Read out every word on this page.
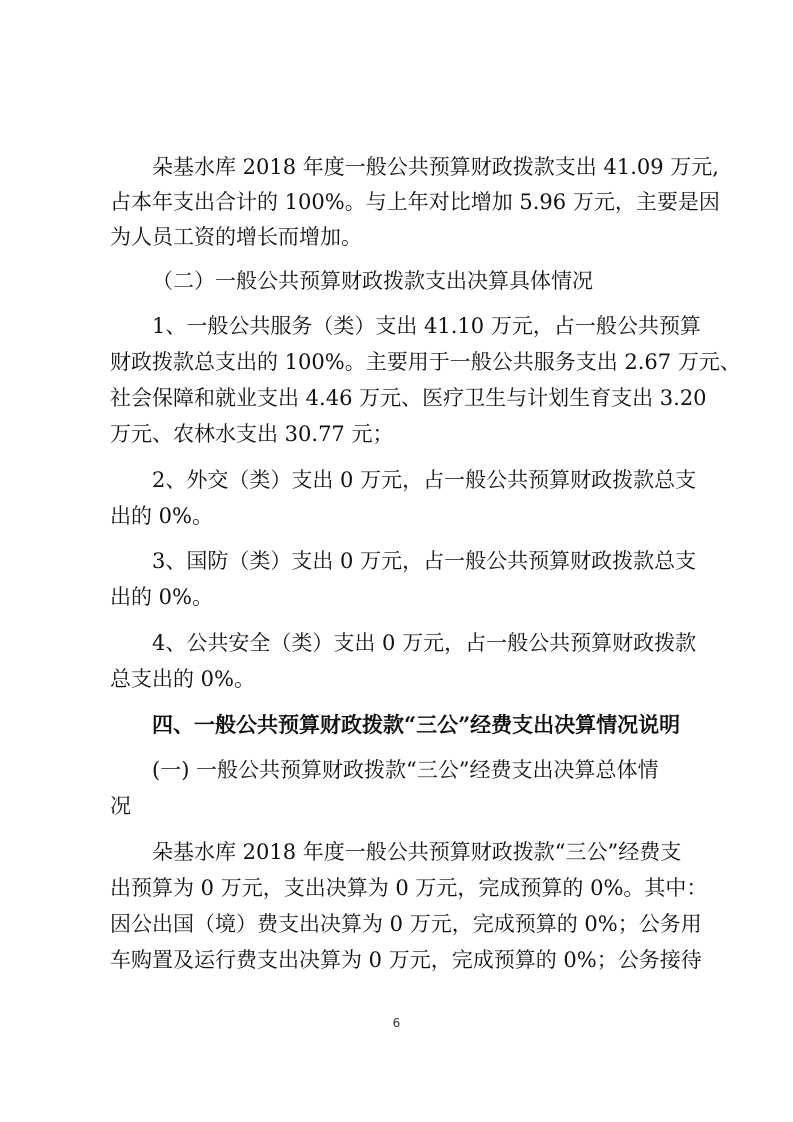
朵基水库 2018 年度一般公共预算财政拨款支出 41.09 万元,
占本年支出合计的 100%。与上年对比增加 5.96 万元，主要是因
为人员工资的增长而增加。
（二）一般公共预算财政拨款支出决算具体情况
1、一般公共服务（类）支出 41.10 万元，占一般公共预算
财政拨款总支出的 100%。主要用于一般公共服务支出 2.67 万元、
社会保障和就业支出 4.46 万元、医疗卫生与计划生育支出 3.20
万元、农林水支出 30.77 元；
2、外交（类）支出 0 万元，占一般公共预算财政拨款总支
出的 0%。
3、国防（类）支出 0 万元，占一般公共预算财政拨款总支
出的 0%。
4、公共安全（类）支出 0 万元，占一般公共预算财政拨款
总支出的 0%。
四、一般公共预算财政拨款“三公”经费支出决算情况说明
(一) 一般公共预算财政拨款“三公”经费支出决算总体情
况
朵基水库 2018 年度一般公共预算财政拨款“三公”经费支
出预算为 0 万元，支出决算为 0 万元，完成预算的 0%。其中：
因公出国（境）费支出决算为 0 万元，完成预算的 0%；公务用
车购置及运行费支出决算为 0 万元，完成预算的 0%；公务接待
6
